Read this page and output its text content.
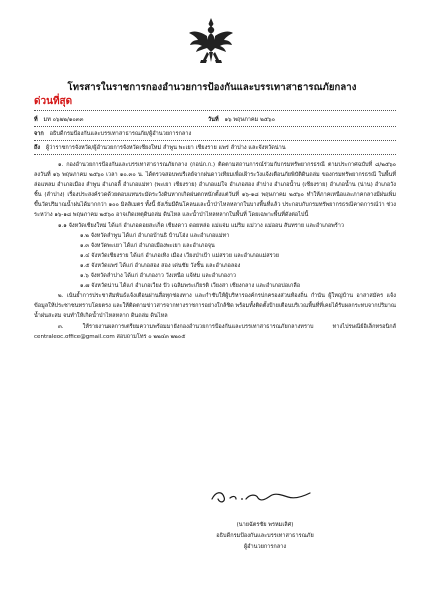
โทรสารในราชการกองอำนวยการป้องกันและบรรเทาสาธารณภัยกลาง
ด่วนที่สุด
ที่ มท ๐๖๒๒/๑๐๓๓	วันที่ ๑๖ พฤษภาคม ๒๕๖๐
จาก อธิบดีกรมป้องกันและบรรเทาสาธารณภัย/ผู้อำนวยการกลาง
ถึง ผู้ว่าราชการจังหวัด/ผู้อำนวยการจังหวัดเชียงใหม่ ลำพูน พะเยา เชียงราย แพร่ ลำปาง และจังหวัดน่าน

๑. กองอำนวยการป้องกันและบรรเทาสาธารณภัยกลาง (กอปภ.ก.) ติดตามสถานการณ์ร่วมกับกรมทรัพยากรธรณี ตามประกาศฉบับที่ ๘/๒๕๖๐ ลงวันที่ ๑๖ พฤษภาคม ๒๕๖๐ เวลา ๑๐.๓๐ น. ได้ตรวจสอบพบรีเลย์จากฝนดาวเทียมเพื่อเฝ้าระวังแจ้งเตือนภัยพิบัติดินถล่ม ของกรมทรัพยากรธรณี ในพื้นที่ล่อแหลม อำเภอเมือง ลำพูน อำเภอลี้ อำเภอแม่ทา (พะเยา เชียงราย) อำเภอแม่ใจ อำเภอสอง ลำปาง อำเภอน้ำน (เชียงราย) อำเภอน้ำน (น่าน) อำเภอวังชิ้น (ลำปาง) เรื่องประสงค์รวดด้วยตอบแทนระมัดระวังดินหากเกิดฝนตกหนักตั้งแต่วันที่ ๑๖-๑๘ พฤษภาคม ๒๕๖๐ ทำให้ภาคเหนือและภาคกลางมีฝนเพิ่มขึ้นวัดปริมาณน้ำฝนได้มากกว่า ๑๐๐ มิลลิเมตร ทั้งนี้ ยังเริ่มมีดินโคลนและน้ำป่าไหลหลากในบางพื้นที่แล้ว ประกอบกับกรมทรัพยากรธรณีคาดการณ์ว่า ช่วงระหว่าง ๑๖-๑๘ พฤษภาคม ๒๕๖๐ อาจเกิดเหตุดินถล่ม ดินไหล และน้ำป่าไหลหลากในพื้นที่ โดยเฉพาะพื้นที่ดังต่อไปนี้

๑.๑ จังหวัดเชียงใหม่ ได้แก่ อำเภอดอยสะเก็ด เชียงดาว ดอยหล่อ แม่แจ่ม แม่ริม แม่วาง แม่ออน สันทราย และอำเภอพร้าว

๑.๒ จังหวัดลำพูน ได้แก่ อำเภอบ้านธิ บ้านโฮ่ง และอำเภอแม่ทา

๑.๓ จังหวัดพะเยา ได้แก่ อำเภอเมืองพะเยา และอำเภอจุน

๑.๔ จังหวัดเชียงราย ได้แก่ อำเภอเทิง เมือง เวียงป่าเป้า แม่สรวย และอำเภอแม่สรวย

๑.๕ จังหวัดแพร่ ได้แก่ อำเภอสอง สอง เด่นชัย วังชิ้น และอำเภอลอง

๑.๖ จังหวัดลำปาง ได้แก่ อำเภองาว วังเหนือ แจ้ห่ม และอำเภองาว

๑.๗ จังหวัดน่าน ได้แก่ อำเภอเวียง ปัว เฉลิมพระเกียรติ เวียงสา เชียงกลาง และอำเภอบ่อเกลือ

๒. เน้นย้ำการประชาสัมพันธ์แจ้งเตือนผ่านสื่อทุกช่องทาง และกำชับให้ผู้บริหารองค์กรปกครองส่วนท้องถิ่น กำนัน ผู้ใหญ่บ้าน อาสาสมัคร แจ้งข้อมูลให้ประชาชนทราบโดยตรง และให้ติดตามข่าวสารจากทางราชการอย่างใกล้ชิด พร้อมทั้งติดตั้งป้ายเตือนบริเวณพื้นที่ที่เคยได้รับผลกระทบจากปริมาณน้ำฝนสะสม จนทำให้เกิดน้ำป่าไหลหลาก ดินถล่ม ดินไหล

๓. ให้รายงานผลการเตรียมความพร้อมมายังกองอำนวยการป้องกันและบรรเทาสาธารณภัยกลางทราบ ทางไปรษณีย์อิเล็กทรอนิกส์ centraleoc.office@gmail.com สอบถามโทร ๐ ๒๒๔๓ ๒๒๐๕

(นายฉัตรชัย พรหมเลิศ)
อธิบดีกรมป้องกันและบรรเทาสาธารณภัย
ผู้อำนวยการกลาง
